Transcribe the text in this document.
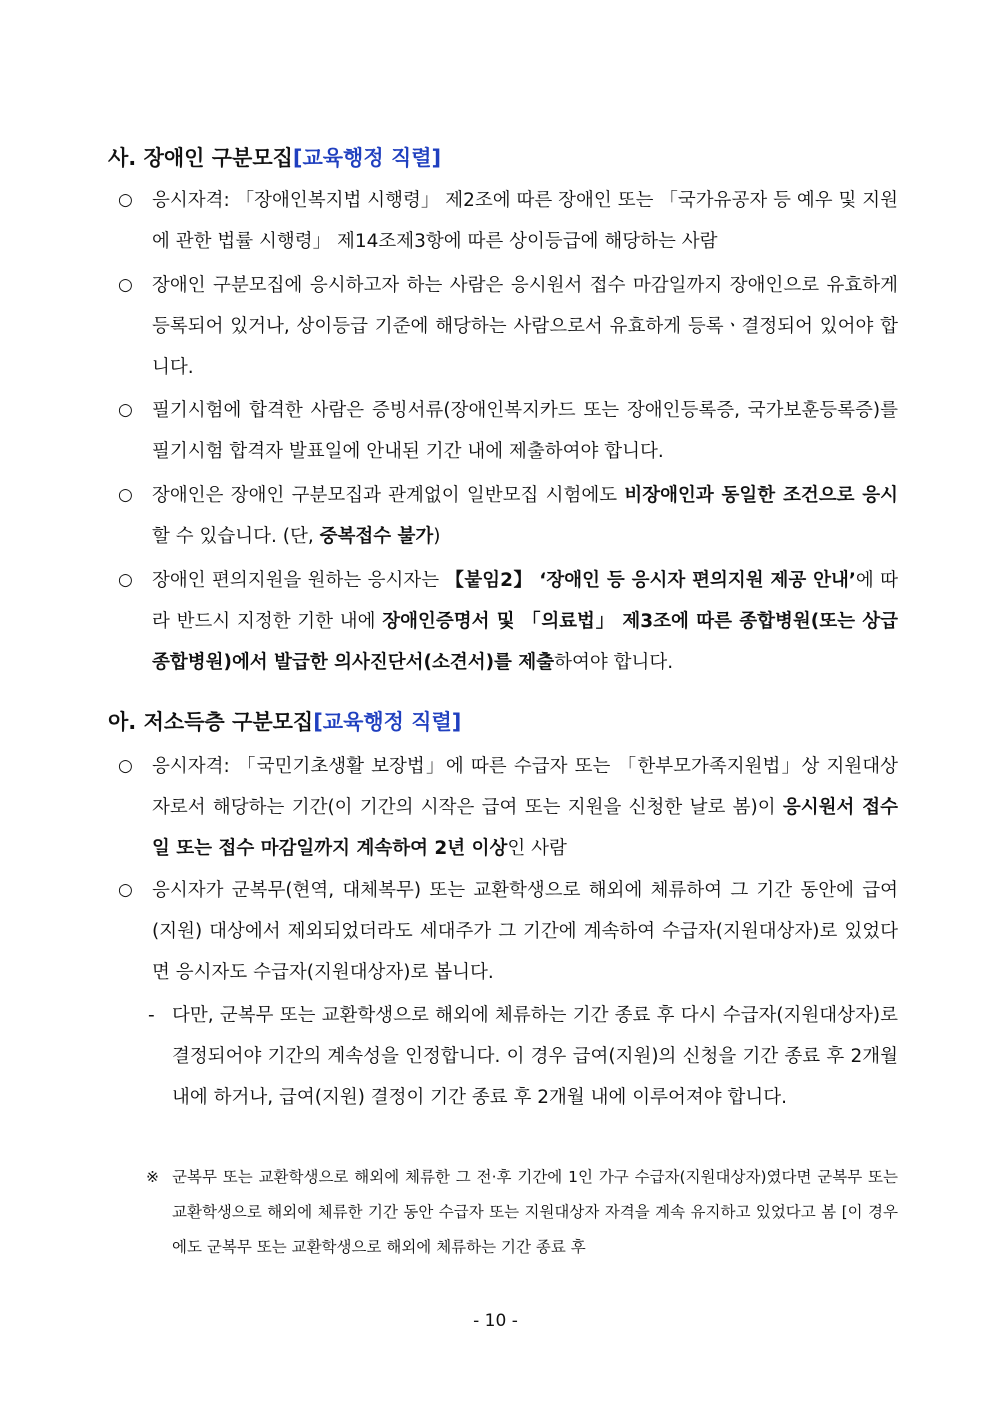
사. 장애인 구분모집[교육행정 직렬]
○ 응시자격: 「장애인복지법 시행령」 제2조에 따른 장애인 또는 「국가유공자 등 예우 및 지원에 관한 법률 시행령」 제14조제3항에 따른 상이등급에 해당하는 사람
○ 장애인 구분모집에 응시하고자 하는 사람은 응시원서 접수 마감일까지 장애인으로 유효하게 등록되어 있거나, 상이등급 기준에 해당하는 사람으로서 유효하게 등록ㆍ결정되어 있어야 합니다.
○ 필기시험에 합격한 사람은 증빙서류(장애인복지카드 또는 장애인등록증, 국가보훈등록증)를 필기시험 합격자 발표일에 안내된 기간 내에 제출하여야 합니다.
○ 장애인은 장애인 구분모집과 관계없이 일반모집 시험에도 비장애인과 동일한 조건으로 응시할 수 있습니다. (단, 중복접수 불가)
○ 장애인 편의지원을 원하는 응시자는 【붙임2】 ‘장애인 등 응시자 편의지원 제공 안내’에 따라 반드시 지정한 기한 내에 장애인증명서 및 「의료법」 제3조에 따른 종합병원(또는 상급종합병원)에서 발급한 의사진단서(소견서)를 제출하여야 합니다.
아. 저소득층 구분모집[교육행정 직렬]
○ 응시자격: 「국민기초생활 보장법」에 따른 수급자 또는 「한부모가족지원법」상 지원대상자로서 해당하는 기간(이 기간의 시작은 급여 또는 지원을 신청한 날로 봄)이 응시원서 접수일 또는 접수 마감일까지 계속하여 2년 이상인 사람
○ 응시자가 군복무(현역, 대체복무) 또는 교환학생으로 해외에 체류하여 그 기간 동안에 급여(지원) 대상에서 제외되었더라도 세대주가 그 기간에 계속하여 수급자(지원대상자)로 있었다면 응시자도 수급자(지원대상자)로 봅니다.
- 다만, 군복무 또는 교환학생으로 해외에 체류하는 기간 종료 후 다시 수급자(지원대상자)로 결정되어야 기간의 계속성을 인정합니다. 이 경우 급여(지원)의 신청을 기간 종료 후 2개월 내에 하거나, 급여(지원) 결정이 기간 종료 후 2개월 내에 이루어져야 합니다.
※ 군복무 또는 교환학생으로 해외에 체류한 그 전·후 기간에 1인 가구 수급자(지원대상자)였다면 군복무 또는 교환학생으로 해외에 체류한 기간 동안 수급자 또는 지원대상자 자격을 계속 유지하고 있었다고 봄 [이 경우에도 군복무 또는 교환학생으로 해외에 체류하는 기간 종료 후
- 10 -
